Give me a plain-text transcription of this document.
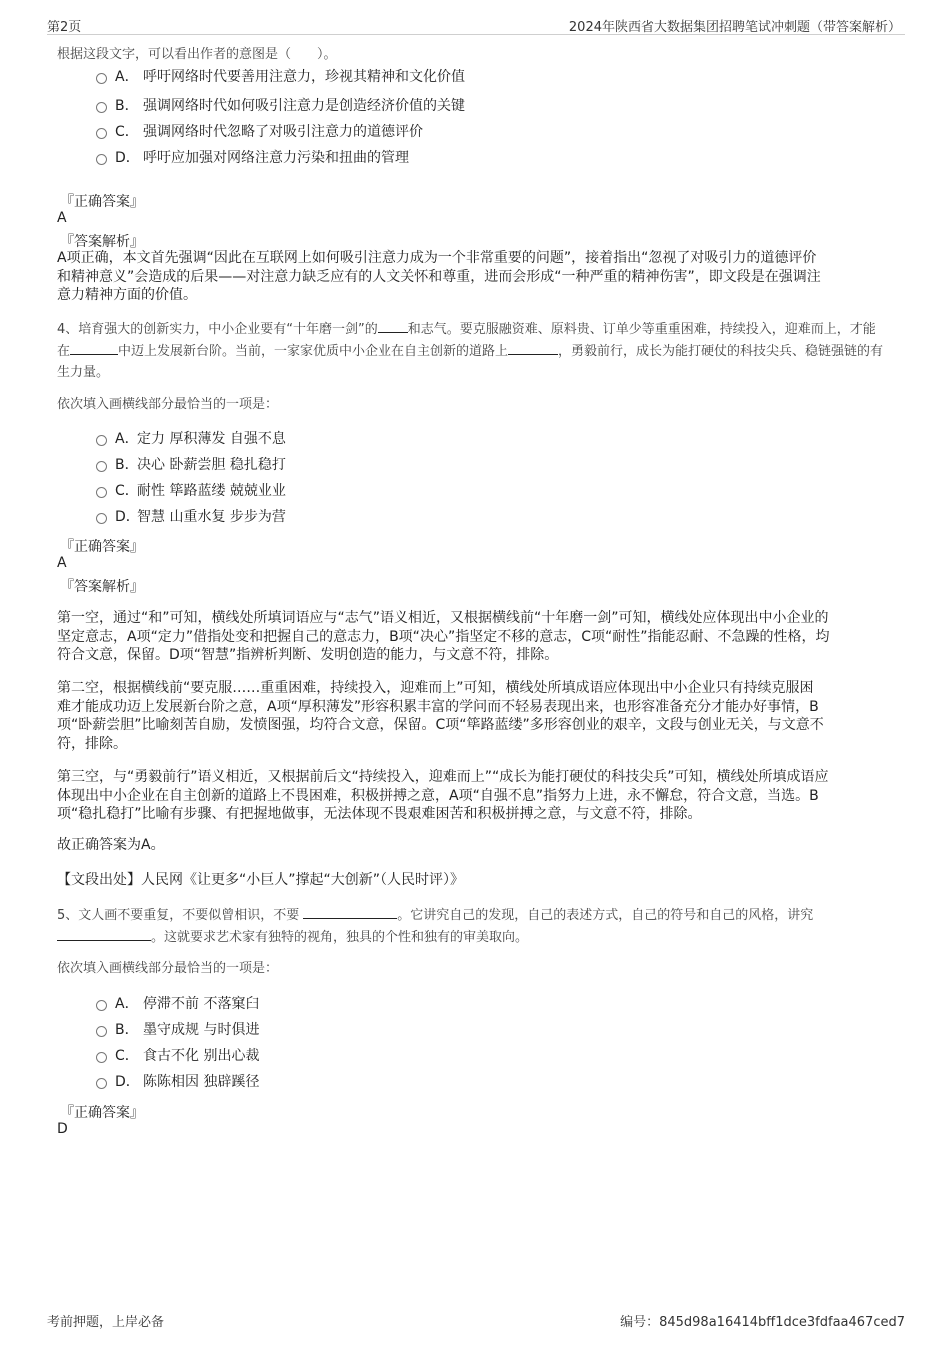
第2页	2024年陕西省大数据集团招聘笔试冲刺题（带答案解析）
根据这段文字，可以看出作者的意图是（　　）。
A． 呼吁网络时代要善用注意力，珍视其精神和文化价值
B． 强调网络时代如何吸引注意力是创造经济价值的关键
C． 强调网络时代忽略了对吸引注意力的道德评价
D． 呼吁应加强对网络注意力污染和扭曲的管理
『正确答案』
A
『答案解析』
A项正确，本文首先强调“因此在互联网上如何吸引注意力成为一个非常重要的问题”，接着指出“忽视了对吸引力的道德评价
和精神意义”会造成的后果——对注意力缺乏应有的人文关怀和尊重，进而会形成“一种严重的精神伤害”，即文段是在强调注
意力精神方面的价值。
4、培育强大的创新实力，中小企业要有“十年磨一剑”的 和志气。要克服融资难、原料贵、订单少等重重困难，持续投入，迎难而上，才能
在	中迈上发展新台阶。当前，一家家优质中小企业在自主创新的道路上	，勇毅前行，成长为能打硬仗的科技尖兵、稳链强链的有
生力量。
依次填入画横线部分最恰当的一项是：
A．定力 厚积薄发 自强不息
B．决心 卧薪尝胆 稳扎稳打
C．耐性 筚路蓝缕 兢兢业业
D．智慧 山重水复 步步为营
『正确答案』
A
『答案解析』
第一空，通过“和”可知，横线处所填词语应与“志气”语义相近，又根据横线前“十年磨一剑”可知，横线处应体现出中小企业的
坚定意志，A项“定力”借指处变和把握自己的意志力，B项“决心”指坚定不移的意志，C项“耐性”指能忍耐、不急躁的性格，均
符合文意，保留。D项“智慧”指辨析判断、发明创造的能力，与文意不符，排除。
第二空，根据横线前“要克服……重重困难，持续投入，迎难而上”可知，横线处所填成语应体现出中小企业只有持续克服困
难才能成功迈上发展新台阶之意，A项“厚积薄发”形容积累丰富的学问而不轻易表现出来，也形容准备充分才能办好事情，B
项“卧薪尝胆”比喻刻苦自励，发愤图强，均符合文意，保留。C项“筚路蓝缕”多形容创业的艰辛，文段与创业无关，与文意不
符，排除。
第三空，与“勇毅前行”语义相近，又根据前后文“持续投入，迎难而上”“成长为能打硬仗的科技尖兵”可知，横线处所填成语应
体现出中小企业在自主创新的道路上不畏困难，积极拼搏之意，A项“自强不息”指努力上进，永不懈怠，符合文意，当选。B
项“稳扎稳打”比喻有步骤、有把握地做事，无法体现不畏艰难困苦和积极拼搏之意，与文意不符，排除。
故正确答案为A。
【文段出处】人民网《让更多“小巨人”撑起“大创新”（人民时评）》
5、文人画不要重复，不要似曾相识，不要	。它讲究自己的发现，自己的表述方式，自己的符号和自己的风格，讲究
。这就要求艺术家有独特的视角，独具的个性和独有的审美取向。
依次填入画横线部分最恰当的一项是：
A． 停滞不前 不落窠臼
B． 墨守成规 与时俱进
C． 食古不化 别出心裁
D． 陈陈相因 独辟蹊径
『正确答案』
D
考前押题，上岸必备	编号：845d98a16414bff1dce3fdfaa467ced7
